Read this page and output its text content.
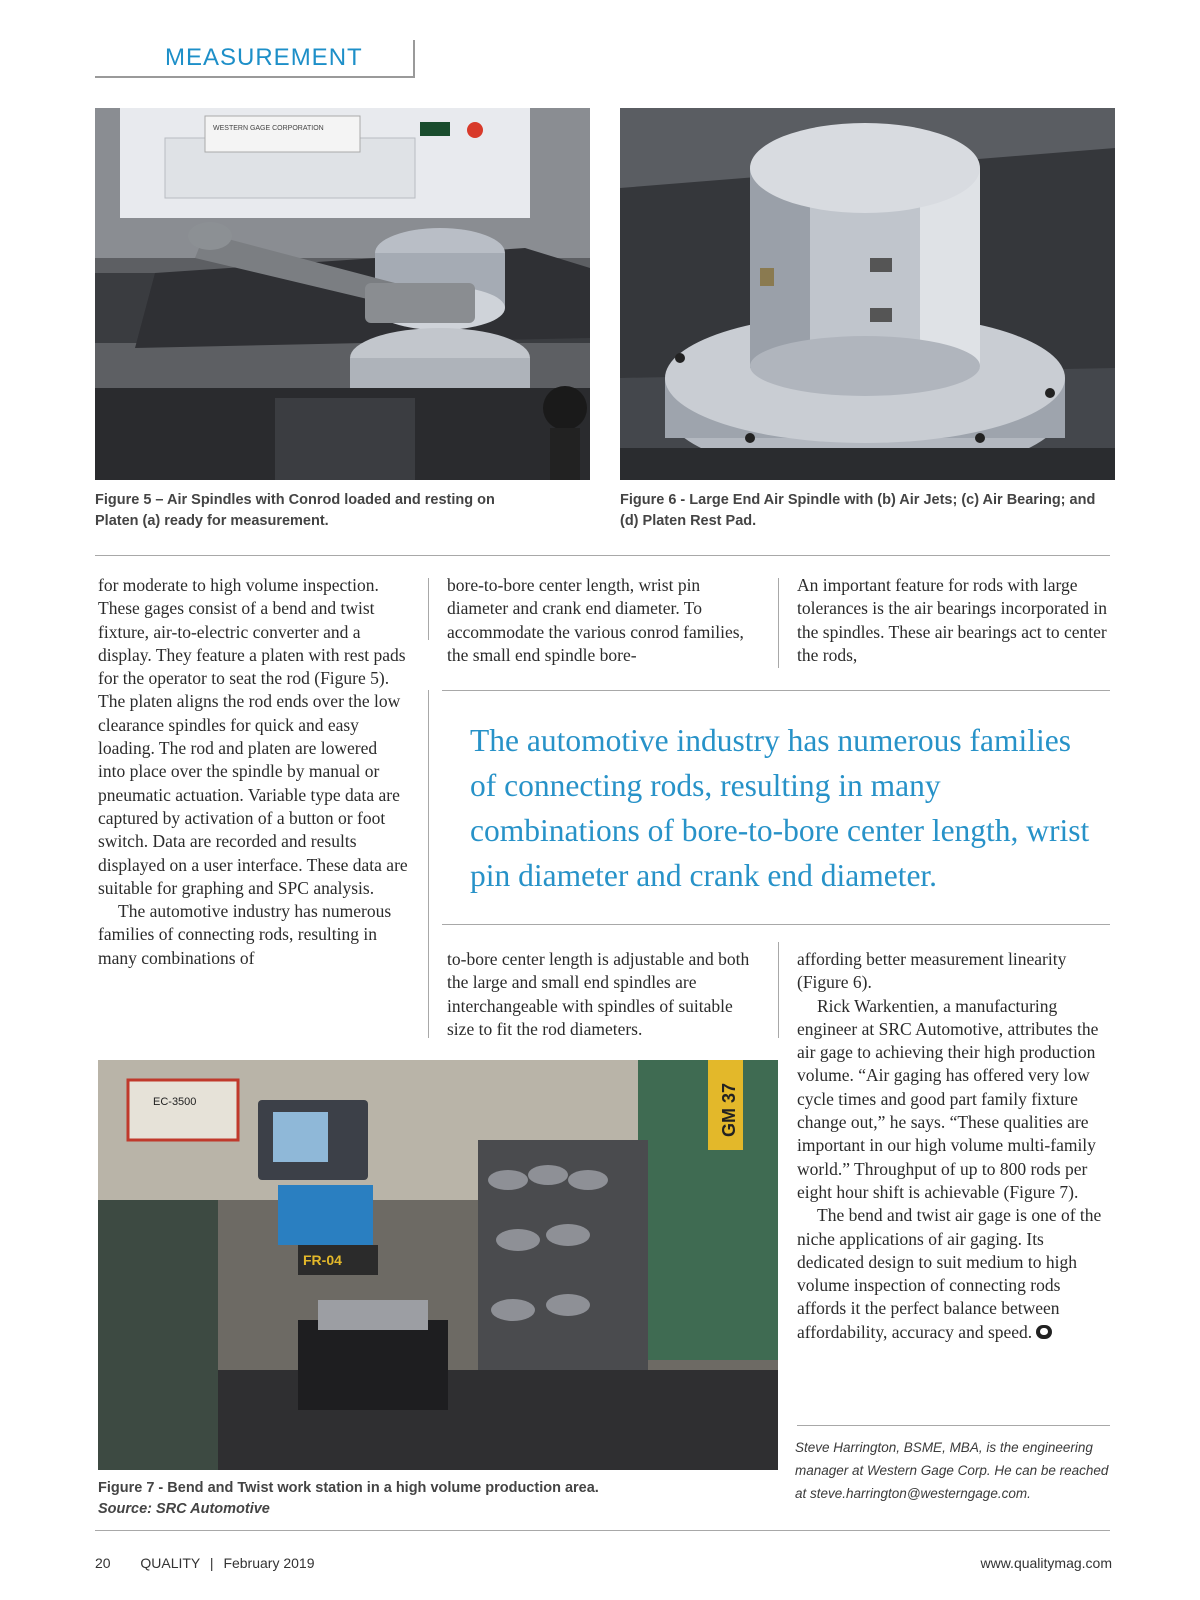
MEASUREMENT
WESTERN GAGE CORPORATION
Figure 5 – Air Spindles with Conrod loaded and resting on Platen (a) ready for measurement.
Figure 6 - Large End Air Spindle with (b) Air Jets; (c) Air Bearing; and (d) Platen Rest Pad.

for moderate to high volume inspection. These gages consist of a bend and twist fixture, air-to-electric converter and a display. They feature a platen with rest pads for the operator to seat the rod (Figure 5). The platen aligns the rod ends over the low clearance spindles for quick and easy loading. The rod and platen are lowered into place over the spindle by manual or pneumatic actuation. Variable type data are captured by activation of a button or foot switch. Data are recorded and results displayed on a user interface. These data are suitable for graphing and SPC analysis.

The automotive industry has numerous families of connecting rods, resulting in many combinations of

bore-to-bore center length, wrist pin diameter and crank end diameter. To accommodate the various conrod families, the small end spindle bore-

An important feature for rods with large tolerances is the air bearings incorporated in the spindles. These air bearings act to center the rods,

The automotive industry has numerous families of connecting rods, resulting in many combinations of bore-to-bore center length, wrist pin diameter and crank end diameter.

to-bore center length is adjustable and both the large and small end spindles are interchangeable with spindles of suitable size to fit the rod diameters.

affording better measurement linearity (Figure 6).

Rick Warkentien, a manufacturing engineer at SRC Automotive, attributes the air gage to achieving their high production volume. “Air gaging has offered very low cycle times and good part family fixture change out,” he says. “These qualities are important in our high volume multi-family world.” Throughput of up to 800 rods per eight hour shift is achievable (Figure 7).

The bend and twist air gage is one of the niche applications of air gaging. Its dedicated design to suit medium to high volume inspection of connecting rods affords it the perfect balance between affordability, accuracy and speed.

Steve Harrington, BSME, MBA, is the engineering manager at Western Gage Corp. He can be reached at steve.harrington@westerngage.com.
EC-3500	GM 37
FR-04
Figure 7 - Bend and Twist work station in a high volume production area.
Source: SRC Automotive
20 QUALITY | February 2019	www.qualitymag.com
